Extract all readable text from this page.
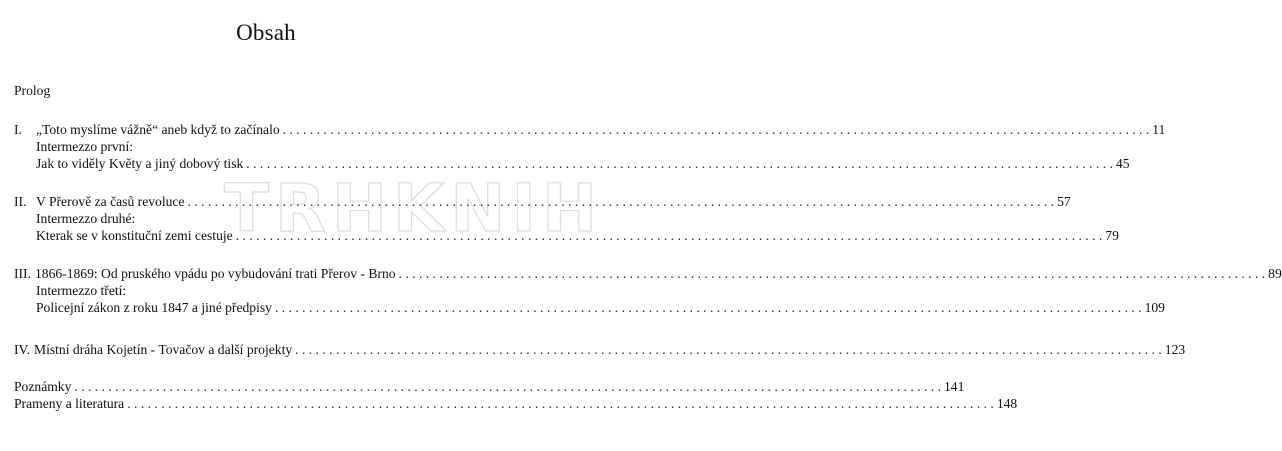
TRHKNIH
Obsah
Prolog
I.	„Toto myslíme vážně“ aneb když to začínalo . . .	11
Intermezzo první:
Jak to viděly Květy a jiný dobový tisk . . .	45
II. V Přerově za časů revoluce . . .	57
Intermezzo druhé:
Kterak se v konstituční zemi cestuje . . .	79
III. 1866-1869: Od pruského vpádu po vybudování trati Přerov - Brno . . .	89
Intermezzo třetí:
Policejní zákon z roku 1847 a jiné předpisy . . .	109
IV. Místní dráha Kojetín - Tovačov a další projekty . . .	123
Poznámky . . .	141
Prameny a literatura . . .	148
